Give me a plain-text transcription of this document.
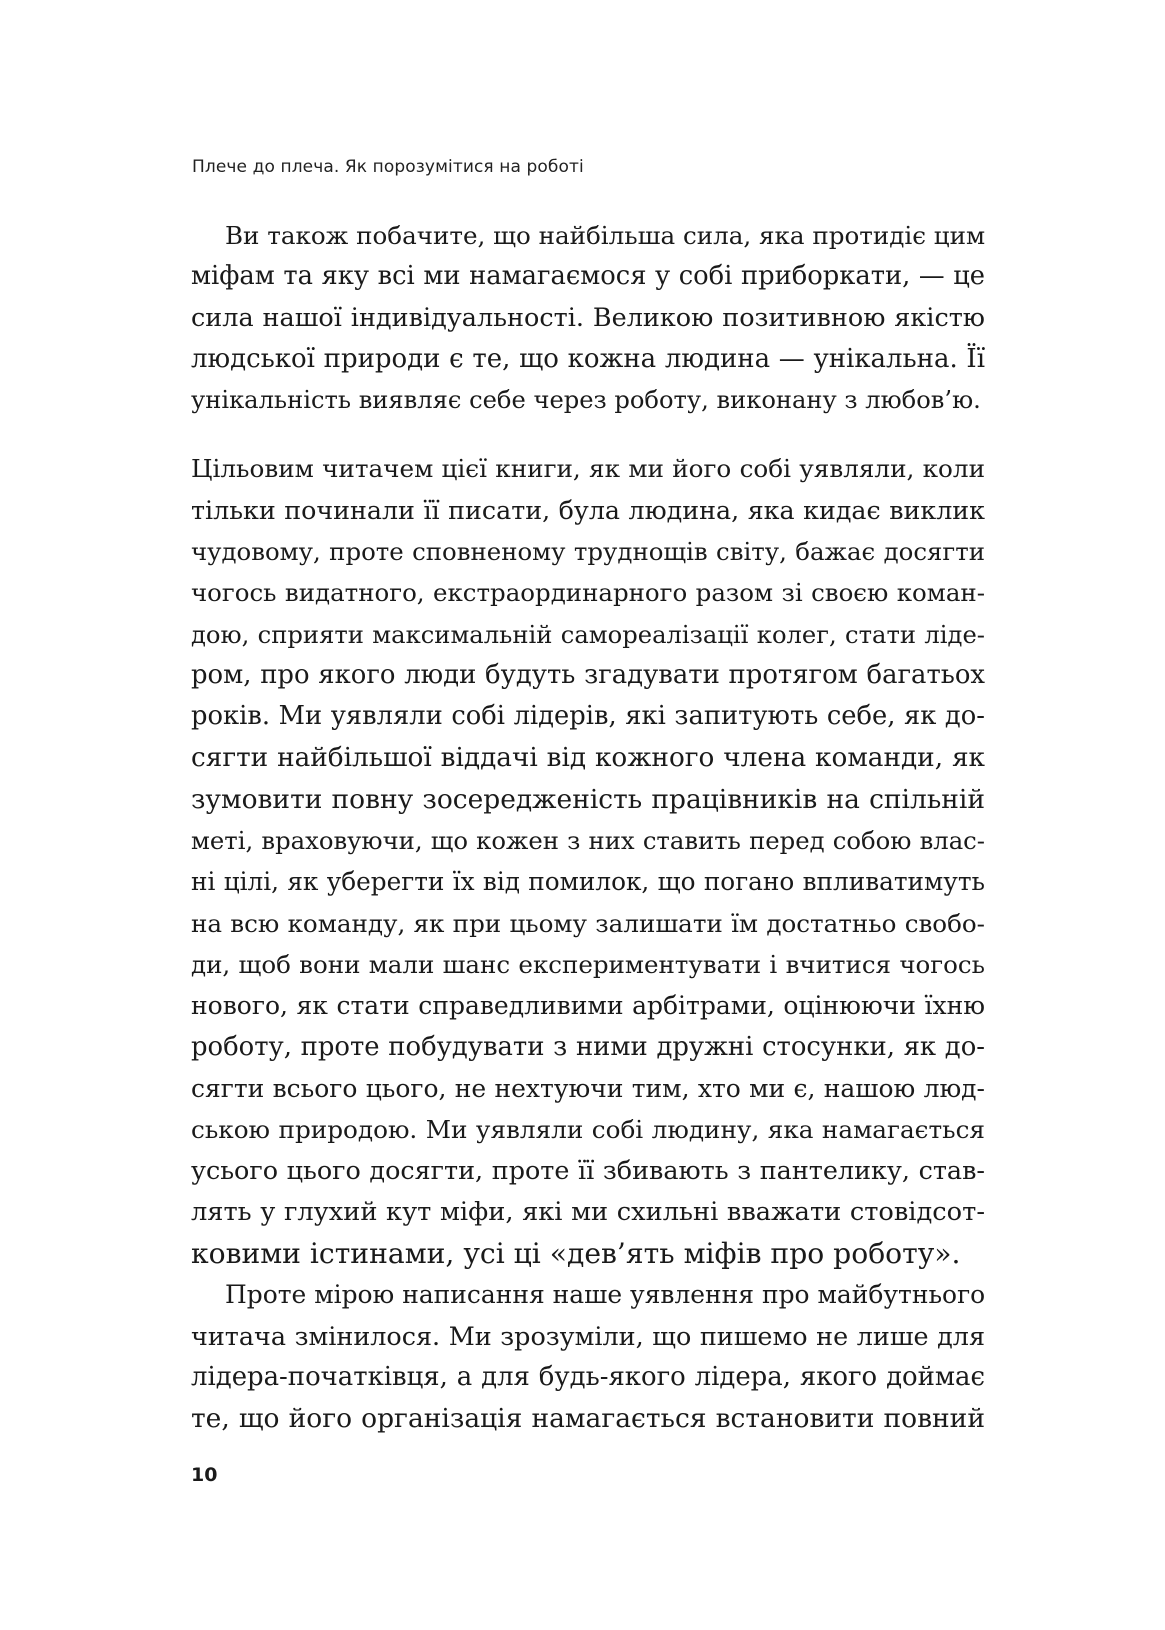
Плече до плеча. Як порозумітися на роботі
Ви також побачите, що найбільша сила, яка протидіє цим
міфам та яку всі ми намагаємося у собі приборкати, — це
сила нашої індивідуальності. Великою позитивною якістю
людської природи є те, що кожна людина — унікальна. Її
унікальність виявляє себе через роботу, виконану з любов’ю.
Цільовим читачем цієї книги, як ми його собі уявляли, коли
тільки починали її писати, була людина, яка кидає виклик
чудовому, проте сповненому труднощів світу, бажає досягти
чогось видатного, екстраординарного разом зі своєю коман-
дою, сприяти максимальній самореалізації колег, стати ліде-
ром, про якого люди будуть згадувати протягом багатьох
років. Ми уявляли собі лідерів, які запитують себе, як до-
сягти найбільшої віддачі від кожного члена команди, як
зумовити повну зосередженість працівників на спільній
меті, враховуючи, що кожен з них ставить перед собою влас-
ні цілі, як уберегти їх від помилок, що погано впливатимуть
на всю команду, як при цьому залишати їм достатньо свобо-
ди, щоб вони мали шанс експериментувати і вчитися чогось
нового, як стати справедливими арбітрами, оцінюючи їхню
роботу, проте побудувати з ними дружні стосунки, як до-
сягти всього цього, не нехтуючи тим, хто ми є, нашою люд-
ською природою. Ми уявляли собі людину, яка намагається
усього цього досягти, проте її збивають з пантелику, став-
лять у глухий кут міфи, які ми схильні вважати стовідсот-
ковими істинами, усі ці «дев’ять міфів про роботу».
Проте мірою написання наше уявлення про майбутнього
читача змінилося. Ми зрозуміли, що пишемо не лише для
лідера-початківця, а для будь-якого лідера, якого доймає
те, що його організація намагається встановити повний
10
